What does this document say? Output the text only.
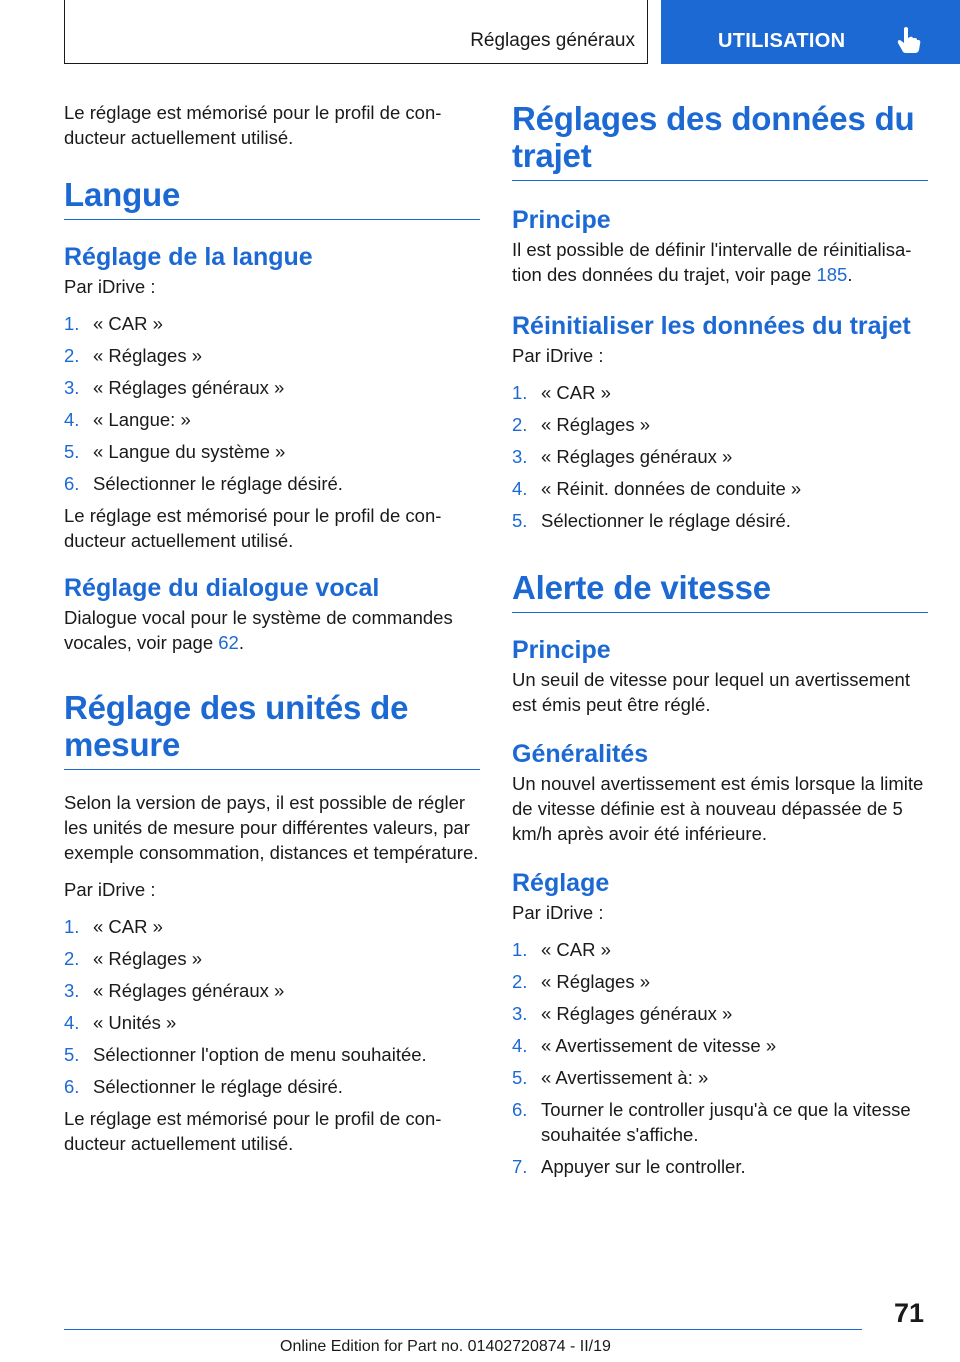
Réglages généraux	UTILISATION

Le réglage est mémorisé pour le profil de conducteur actuellement utilisé.

Langue
Réglage de la langue

Par iDrive :

1. « CAR »
2. « Réglages »
3. « Réglages généraux »
4. « Langue: »
5. « Langue du système »
6. Sélectionner le réglage désiré.

Le réglage est mémorisé pour le profil de conducteur actuellement utilisé.

Réglage du dialogue vocal

Dialogue vocal pour le système de commandes vocales, voir page 62.

Réglage des unités de mesure

Selon la version de pays, il est possible de régler les unités de mesure pour différentes valeurs, par exemple consommation, distances et température.

Par iDrive :

1. « CAR »
2. « Réglages »
3. « Réglages généraux »
4. « Unités »
5. Sélectionner l'option de menu souhaitée.
6. Sélectionner le réglage désiré.

Le réglage est mémorisé pour le profil de conducteur actuellement utilisé.

Réglages des données du trajet
Principe

Il est possible de définir l'intervalle de réinitialisation des données du trajet, voir page 185.

Réinitialiser les données du trajet

Par iDrive :

1. « CAR »
2. « Réglages »
3. « Réglages généraux »
4. « Réinit. données de conduite »
5. Sélectionner le réglage désiré.
Alerte de vitesse
Principe

Un seuil de vitesse pour lequel un avertissement est émis peut être réglé.

Généralités

Un nouvel avertissement est émis lorsque la limite de vitesse définie est à nouveau dépassée de 5 km/h après avoir été inférieure.

Réglage

Par iDrive :

1. « CAR »
2. « Réglages »
3. « Réglages généraux »
4. « Avertissement de vitesse »
5. « Avertissement à: »
6. Tourner le controller jusqu'à ce que la vitesse souhaitée s'affiche.
7. Appuyer sur le controller.
71
Online Edition for Part no. 01402720874 - II/19
